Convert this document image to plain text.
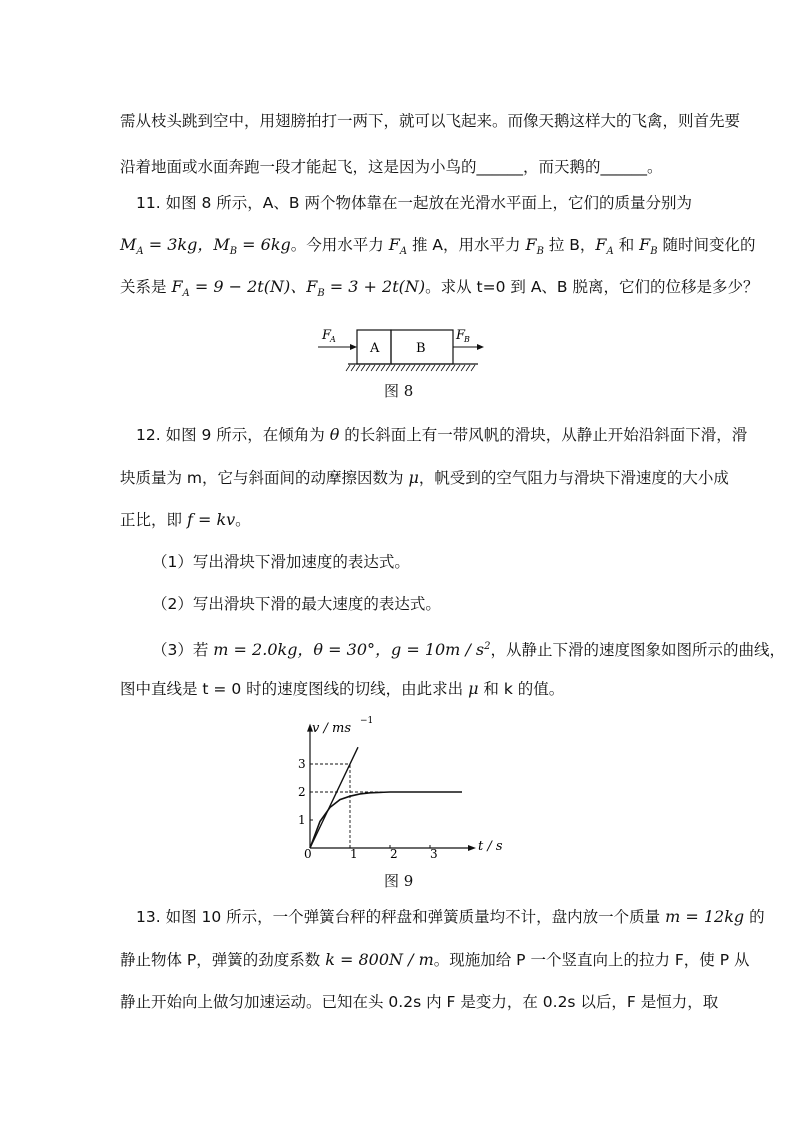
需从枝头跳到空中，用翅膀拍打一两下，就可以飞起来。而像天鹅这样大的飞禽，则首先要
沿着地面或水面奔跑一段才能起飞，这是因为小鸟的______，而天鹅的______。
11. 如图 8 所示，A、B 两个物体靠在一起放在光滑水平面上，它们的质量分别为
$M_A = 3kg$，$M_B = 6kg$。今用水平力 $F_A$ 推 A，用水平力 $F_B$ 拉 B，$F_A$ 和 $F_B$ 随时间变化的
关系是 $F_A = 9 - 2t(N)$、$F_B = 3 + 2t(N)$。求从 t=0 到 A、B 脱离，它们的位移是多少？
A	B
F
A	F
B
图 8
12. 如图 9 所示，在倾角为 θ 的长斜面上有一带风帆的滑块，从静止开始沿斜面下滑，滑
块质量为 m，它与斜面间的动摩擦因数为 μ，帆受到的空气阻力与滑块下滑速度的大小成
正比，即 f = kv。
（1）写出滑块下滑加速度的表达式。
（2）写出滑块下滑的最大速度的表达式。
（3）若 m = 2.0kg，θ = 30°，$g = 10m / s^2$，从静止下滑的速度图象如图所示的曲线，
图中直线是 t = 0 时的速度图线的切线，由此求出 μ 和 k 的值。
v / ms −1
t / s
0	1	2	3
1
2
3
图 9
13. 如图 10 所示，一个弹簧台秤的秤盘和弹簧质量均不计，盘内放一个质量 m = 12kg 的
静止物体 P，弹簧的劲度系数 k = 800N / m。现施加给 P 一个竖直向上的拉力 F，使 P 从
静止开始向上做匀加速运动。已知在头 0.2s 内 F 是变力，在 0.2s 以后，F 是恒力，取
